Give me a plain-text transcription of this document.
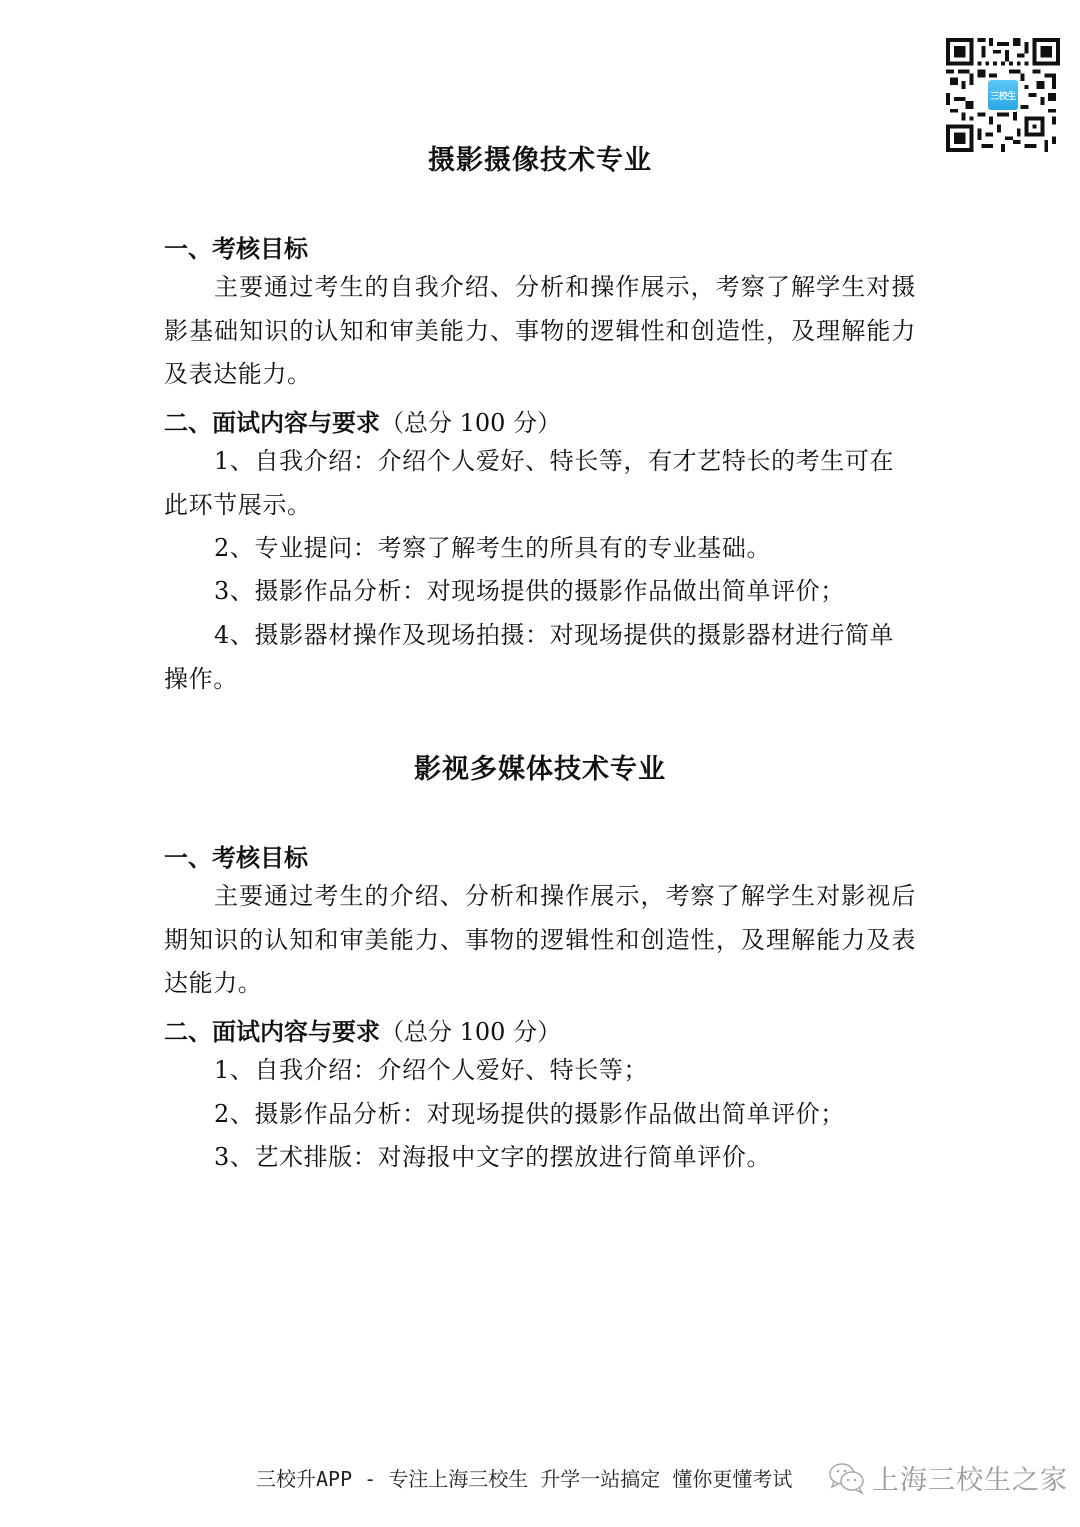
三校生
摄影摄像技术专业
一、考核目标
主要通过考生的自我介绍、分析和操作展示，考察了解学生对摄影基础知识的认知和审美能力、事物的逻辑性和创造性，及理解能力及表达能力。
二、面试内容与要求（总分 100 分）
1、自我介绍：介绍个人爱好、特长等，有才艺特长的考生可在此环节展示。
2、专业提问：考察了解考生的所具有的专业基础。
3、摄影作品分析：对现场提供的摄影作品做出简单评价；
4、摄影器材操作及现场拍摄：对现场提供的摄影器材进行简单操作。
影视多媒体技术专业
一、考核目标
主要通过考生的介绍、分析和操作展示，考察了解学生对影视后期知识的认知和审美能力、事物的逻辑性和创造性，及理解能力及表达能力。
二、面试内容与要求（总分 100 分）
1、自我介绍：介绍个人爱好、特长等；
2、摄影作品分析：对现场提供的摄影作品做出简单评价；
3、艺术排版：对海报中文字的摆放进行简单评价。
三校升APP - 专注上海三校生 升学一站搞定 懂你更懂考试	上海三校生之家
